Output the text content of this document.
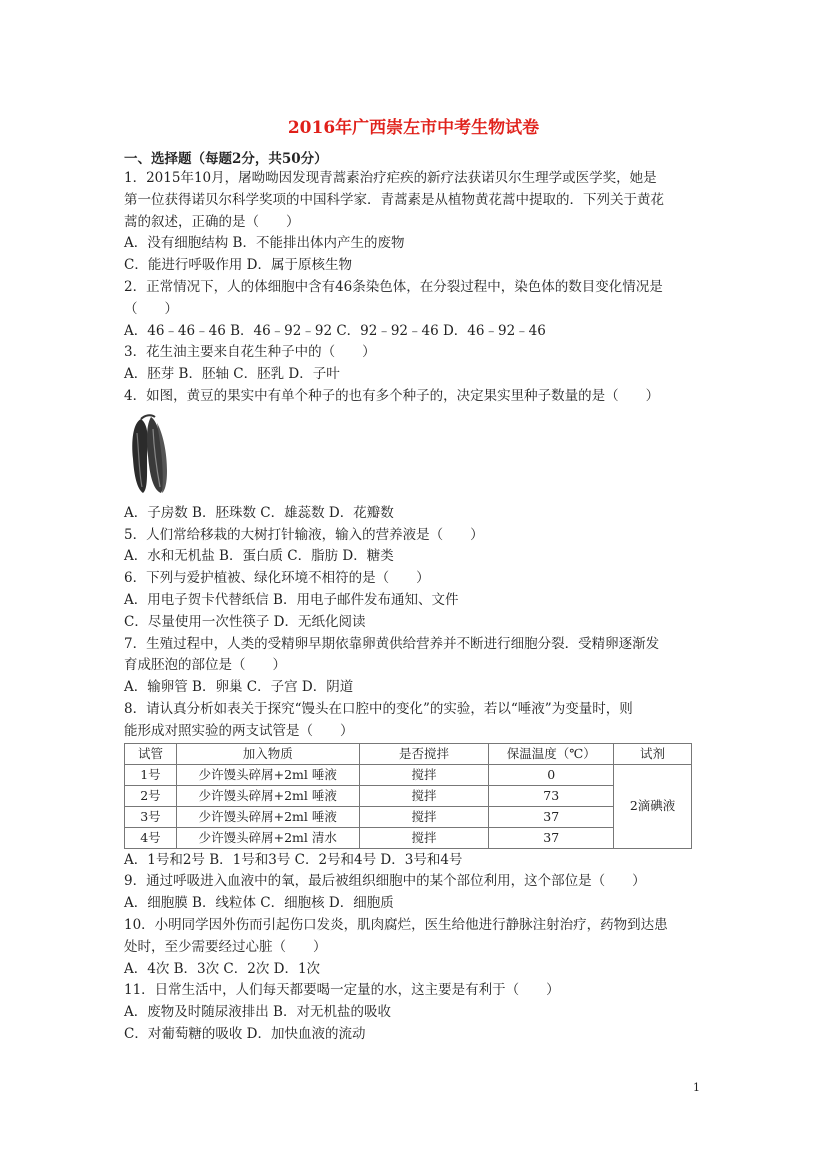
2016年广西崇左市中考生物试卷
一、选择题（每题2分，共50分）

1．2015年10月，屠呦呦因发现青蒿素治疗疟疾的新疗法获诺贝尔生理学或医学奖，她是

第一位获得诺贝尔科学奖项的中国科学家．青蒿素是从植物黄花蒿中提取的．下列关于黄花

蒿的叙述，正确的是（　　）

A．没有细胞结构 B．不能排出体内产生的废物

C．能进行呼吸作用 D．属于原核生物

2．正常情况下，人的体细胞中含有46条染色体，在分裂过程中，染色体的数目变化情况是

（　　）

A．46﹣46﹣46 B．46﹣92﹣92 C．92﹣92﹣46 D．46﹣92﹣46

3．花生油主要来自花生种子中的（　　）

A．胚芽 B．胚轴 C．胚乳 D．子叶

4．如图，黄豆的果实中有单个种子的也有多个种子的，决定果实里种子数量的是（　　）

A．子房数 B．胚珠数 C．雄蕊数 D．花瓣数

5．人们常给移栽的大树打针输液，输入的营养液是（　　）

A．水和无机盐 B．蛋白质 C．脂肪 D．糖类

6．下列与爱护植被、绿化环境不相符的是（　　）

A．用电子贺卡代替纸信 B．用电子邮件发布通知、文件

C．尽量使用一次性筷子 D．无纸化阅读

7．生殖过程中，人类的受精卵早期依靠卵黄供给营养并不断进行细胞分裂．受精卵逐渐发

育成胚泡的部位是（　　）

A．输卵管 B．卵巢 C．子宫 D．阴道

8．请认真分析如表关于探究“馒头在口腔中的变化”的实验，若以“唾液”为变量时，则

能形成对照实验的两支试管是（　　）

试管	加入物质	是否搅拌	保温温度（℃）	试剂
1号	少许馒头碎屑+2ml 唾液	搅拌	0	2滴碘液
2号	少许馒头碎屑+2ml 唾液	搅拌	73	
3号	少许馒头碎屑+2ml 唾液	搅拌	37	
4号	少许馒头碎屑+2ml 清水	搅拌	37	

A．1号和2号 B．1号和3号 C．2号和4号 D．3号和4号

9．通过呼吸进入血液中的氧，最后被组织细胞中的某个部位利用，这个部位是（　　）

A．细胞膜 B．线粒体 C．细胞核 D．细胞质

10．小明同学因外伤而引起伤口发炎，肌肉腐烂，医生给他进行静脉注射治疗，药物到达患

处时，至少需要经过心脏（　　）

A．4次 B．3次 C．2次 D．1次

11．日常生活中，人们每天都要喝一定量的水，这主要是有利于（　　）

A．废物及时随尿液排出 B．对无机盐的吸收

C．对葡萄糖的吸收 D．加快血液的流动

1
